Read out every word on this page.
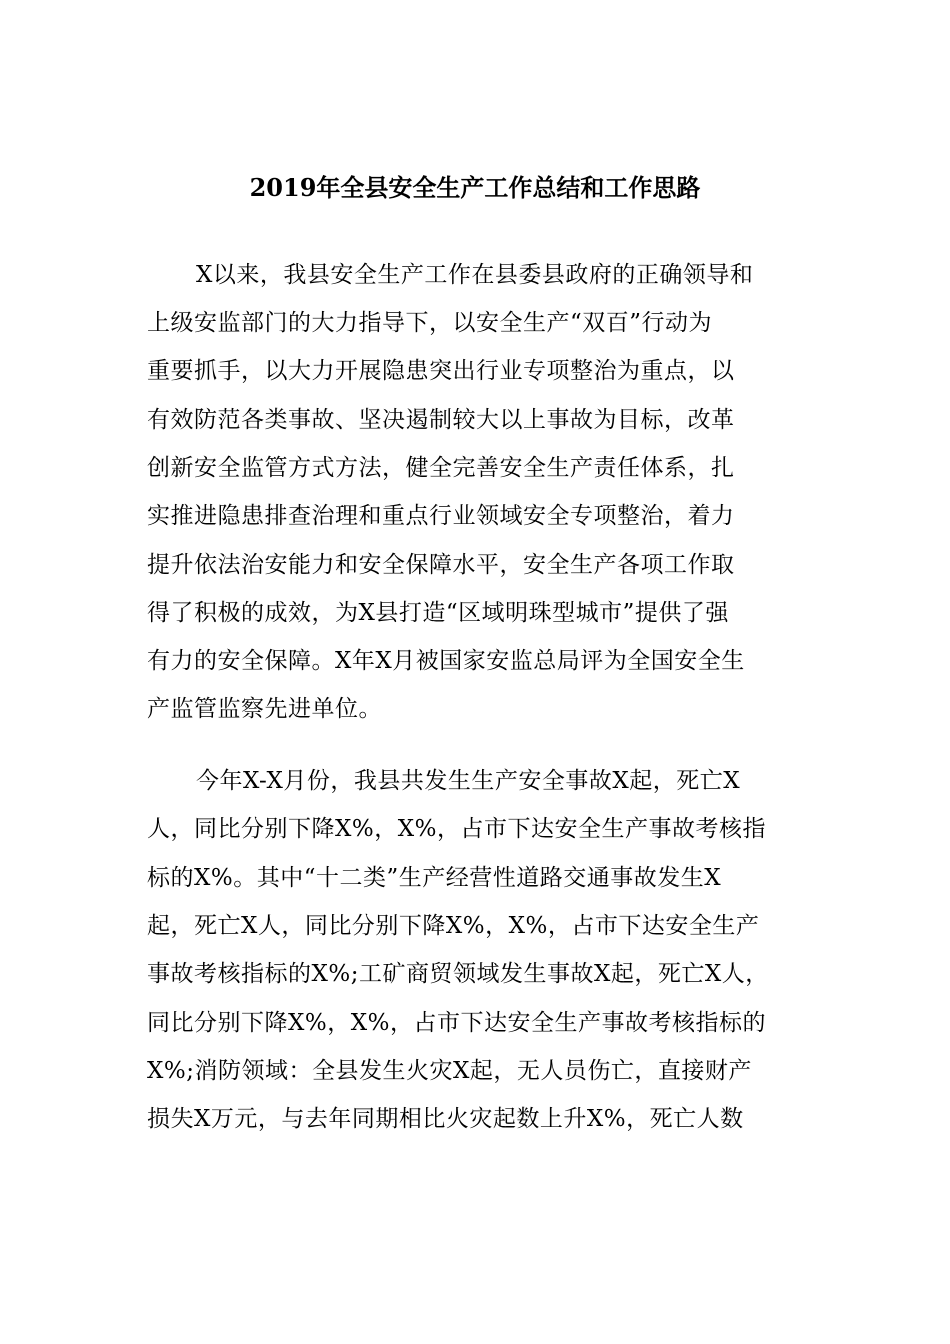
2019年全县安全生产工作总结和工作思路
X以来，我县安全生产工作在县委县政府的正确领导和
上级安监部门的大力指导下，以安全生产“双百”行动为
重要抓手，以大力开展隐患突出行业专项整治为重点，以
有效防范各类事故、坚决遏制较大以上事故为目标，改革
创新安全监管方式方法，健全完善安全生产责任体系，扎
实推进隐患排查治理和重点行业领域安全专项整治，着力
提升依法治安能力和安全保障水平，安全生产各项工作取
得了积极的成效，为X县打造“区域明珠型城市”提供了强
有力的安全保障。X年X月被国家安监总局评为全国安全生
产监管监察先进单位。
今年X-X月份，我县共发生生产安全事故X起，死亡X
人，同比分别下降X%，X%，占市下达安全生产事故考核指
标的X%。其中“十二类”生产经营性道路交通事故发生X
起，死亡X人，同比分别下降X%，X%，占市下达安全生产
事故考核指标的X%;工矿商贸领域发生事故X起，死亡X人，
同比分别下降X%，X%，占市下达安全生产事故考核指标的
X%;消防领域：全县发生火灾X起，无人员伤亡，直接财产
损失X万元，与去年同期相比火灾起数上升X%，死亡人数
